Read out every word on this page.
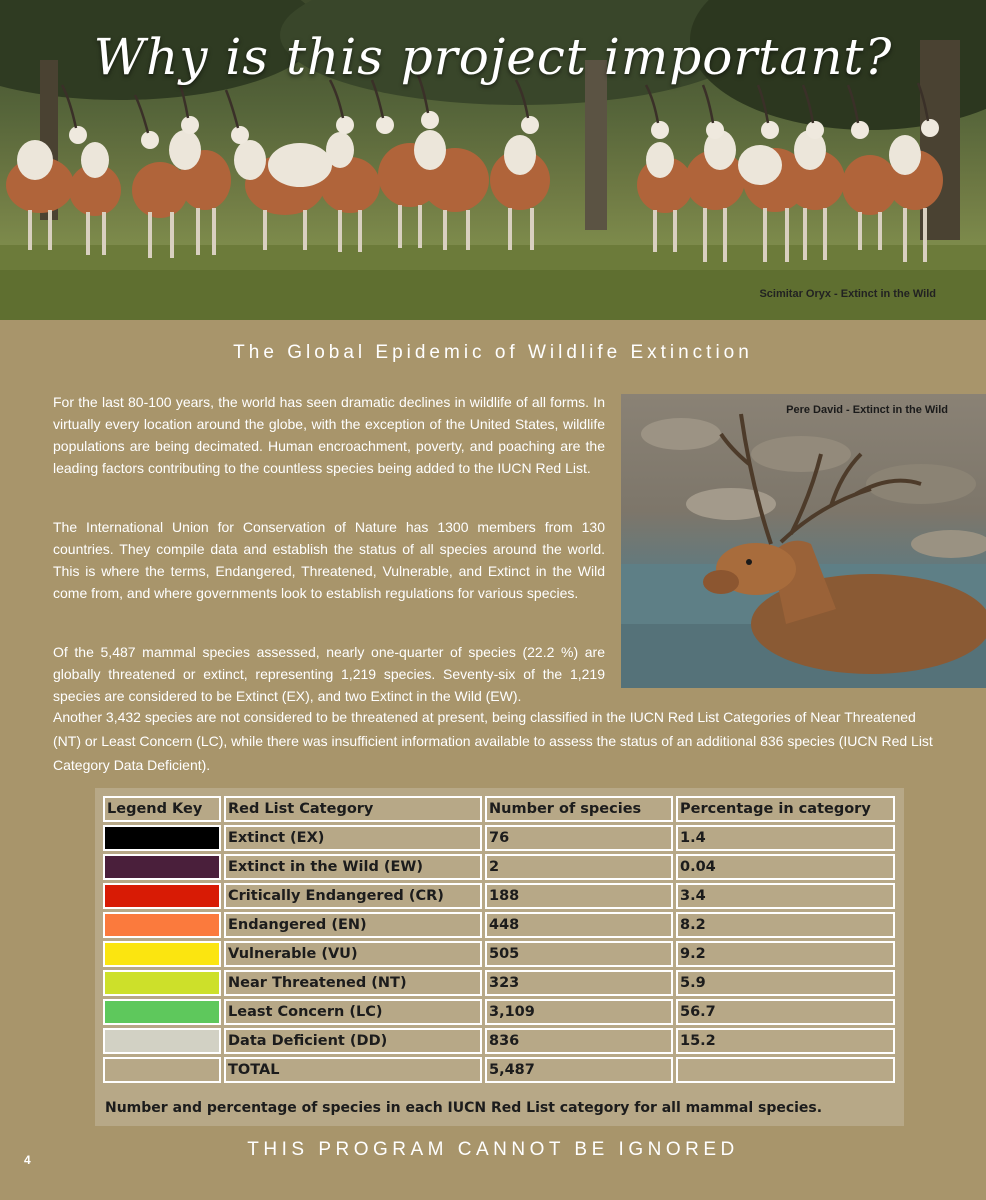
Why is this project important?
Scimitar Oryx - Extinct in the Wild
The Global Epidemic of Wildlife Extinction

For the last 80-100 years, the world has seen dramatic declines in wildlife of all forms. In virtually every location around the globe, with the exception of the United States, wildlife populations are being decimated. Human encroachment, poverty, and poaching are the leading factors contributing to the countless species being added to the IUCN Red List.

The International Union for Conservation of Nature has 1300 members from 130 countries. They compile data and establish the status of all species around the world. This is where the terms, Endangered, Threatened, Vulnerable, and Extinct in the Wild come from, and where governments look to establish regulations for various species.

Of the 5,487 mammal species assessed, nearly one-quarter of species (22.2 %) are globally threatened or extinct, representing 1,219 species. Seventy-six of the 1,219 species are considered to be Extinct (EX), and two Extinct in the Wild (EW).

Another 3,432 species are not considered to be threatened at present, being classified in the IUCN Red List Categories of Near Threatened (NT) or Least Concern (LC), while there was insufficient information available to assess the status of an additional 836 species (IUCN Red List Category Data Deficient).

Pere David - Extinct in the Wild
Legend Key	Red List Category	Number of species	Percentage in category
	Extinct (EX)	76	1.4
	Extinct in the Wild (EW)	2	0.04
	Critically Endangered (CR)	188	3.4
	Endangered (EN)	448	8.2
	Vulnerable (VU)	505	9.2
	Near Threatened (NT)	323	5.9
	Least Concern (LC)	3,109	56.7
	Data Deficient (DD)	836	15.2
	TOTAL	5,487	
Number and percentage of species in each IUCN Red List category for all mammal species.
THIS PROGRAM CANNOT BE IGNORED
4
